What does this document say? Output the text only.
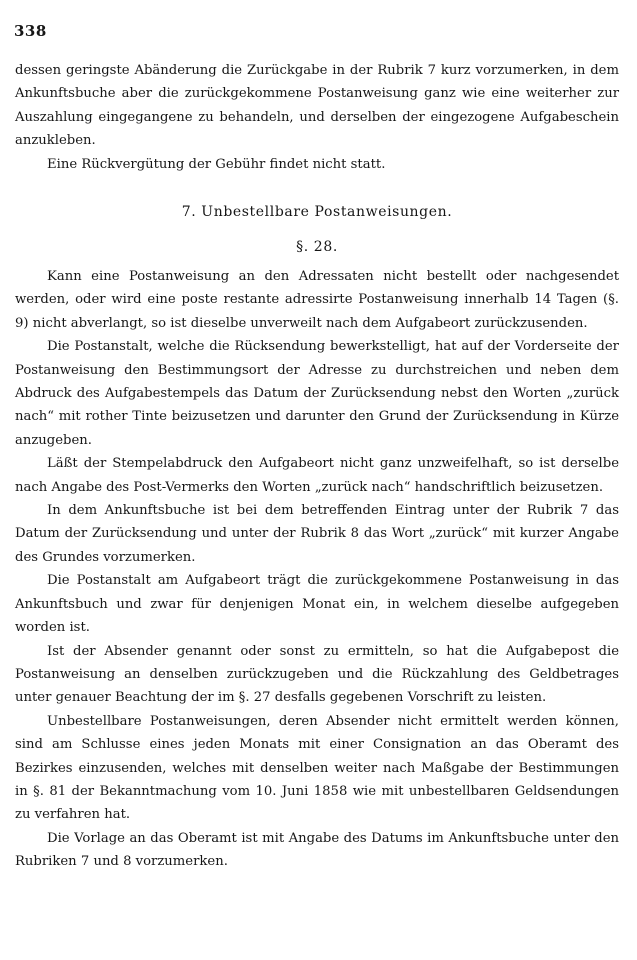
338

dessen geringste Abänderung die Zurückgabe in der Rubrik 7 kurz vorzumerken, in dem Ankunftsbuche aber die zurückgekommene Postanweisung ganz wie eine weiterher zur Auszahlung eingegangene zu behandeln, und derselben der eingezogene Aufgabeschein anzukleben.

Eine Rückvergütung der Gebühr findet nicht statt.

7. Unbestellbare Postanweisungen.
§. 28.

Kann eine Postanweisung an den Adressaten nicht bestellt oder nachgesendet werden, oder wird eine poste restante adressirte Postanweisung innerhalb 14 Tagen (§. 9) nicht abverlangt, so ist dieselbe unverweilt nach dem Aufgabeort zurückzusenden.

Die Postanstalt, welche die Rücksendung bewerkstelligt, hat auf der Vorderseite der Postanweisung den Bestimmungsort der Adresse zu durchstreichen und neben dem Abdruck des Aufgabestempels das Datum der Zurücksendung nebst den Worten „zurück nach“ mit rother Tinte beizusetzen und darunter den Grund der Zurücksendung in Kürze anzugeben.

Läßt der Stempelabdruck den Aufgabeort nicht ganz unzweifelhaft, so ist derselbe nach Angabe des Post-Vermerks den Worten „zurück nach“ handschriftlich beizusetzen.

In dem Ankunftsbuche ist bei dem betreffenden Eintrag unter der Rubrik 7 das Datum der Zurücksendung und unter der Rubrik 8 das Wort „zurück“ mit kurzer Angabe des Grundes vorzumerken.

Die Postanstalt am Aufgabeort trägt die zurückgekommene Postanweisung in das Ankunftsbuch und zwar für denjenigen Monat ein, in welchem dieselbe aufgegeben worden ist.

Ist der Absender genannt oder sonst zu ermitteln, so hat die Aufgabepost die Postanweisung an denselben zurückzugeben und die Rückzahlung des Geldbetrages unter genauer Beachtung der im §. 27 desfalls gegebenen Vorschrift zu leisten.

Unbestellbare Postanweisungen, deren Absender nicht ermittelt werden können, sind am Schlusse eines jeden Monats mit einer Consignation an das Oberamt des Bezirkes einzusenden, welches mit denselben weiter nach Maßgabe der Bestimmungen in §. 81 der Bekanntmachung vom 10. Juni 1858 wie mit unbestellbaren Geldsendungen zu verfahren hat.

Die Vorlage an das Oberamt ist mit Angabe des Datums im Ankunftsbuche unter den Rubriken 7 und 8 vorzumerken.
